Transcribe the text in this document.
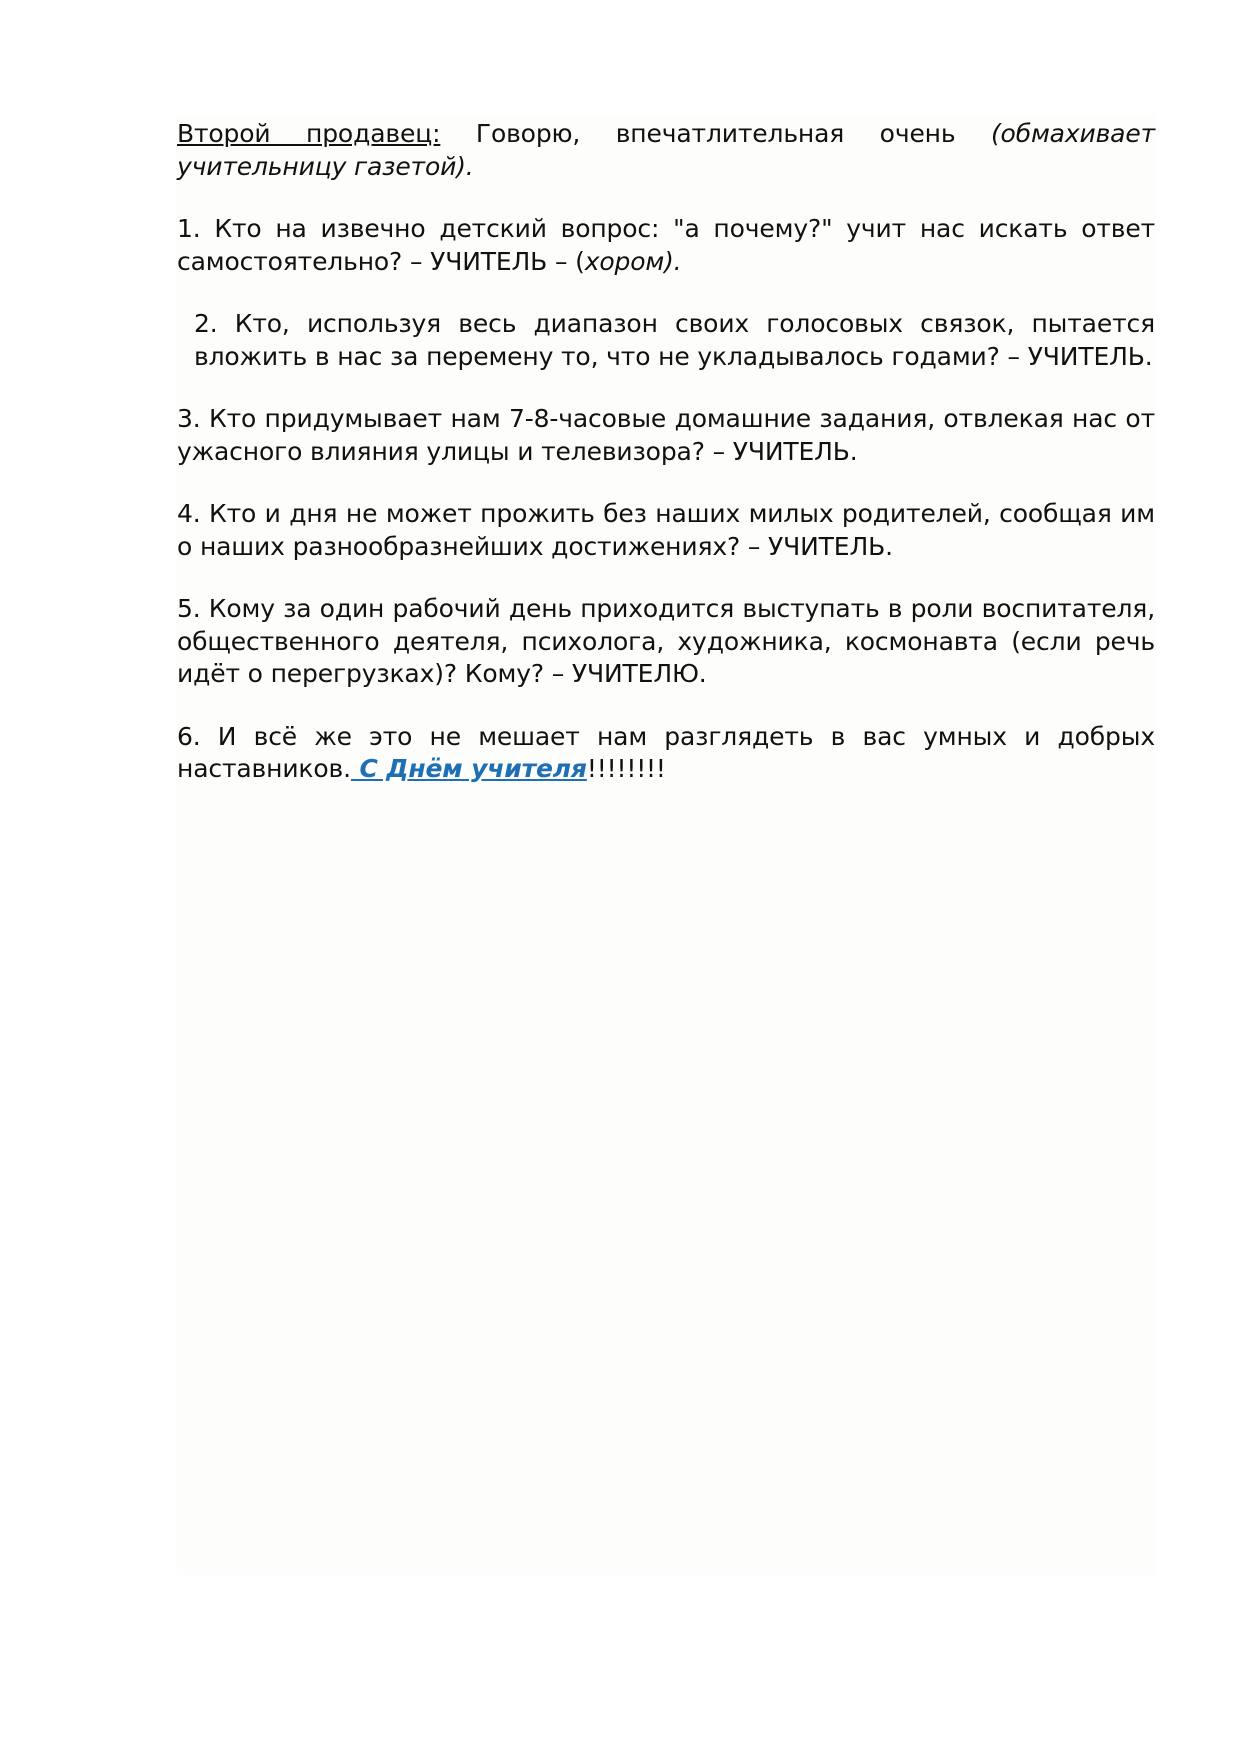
Второй продавец: Говорю, впечатлительная очень (обмахивает учительницу газетой).

1. Кто на извечно детский вопрос: "а почему?" учит нас искать ответ самостоятельно? – УЧИТЕЛЬ – (хором).

2. Кто, используя весь диапазон своих голосовых связок, пытается вложить в нас за перемену то, что не укладывалось годами? – УЧИТЕЛЬ.

3. Кто придумывает нам 7-8-часовые домашние задания, отвлекая нас от ужасного влияния улицы и телевизора? – УЧИТЕЛЬ.

4. Кто и дня не может прожить без наших милых родителей, сообщая им о наших разнообразнейших достижениях? – УЧИТЕЛЬ.

5. Кому за один рабочий день приходится выступать в роли воспитателя, общественного деятеля, психолога, художника, космонавта (если речь идёт о перегрузках)? Кому? – УЧИТЕЛЮ.

6. И всё же это не мешает нам разглядеть в вас умных и добрых наставников. С Днём учителя!!!!!!!!
